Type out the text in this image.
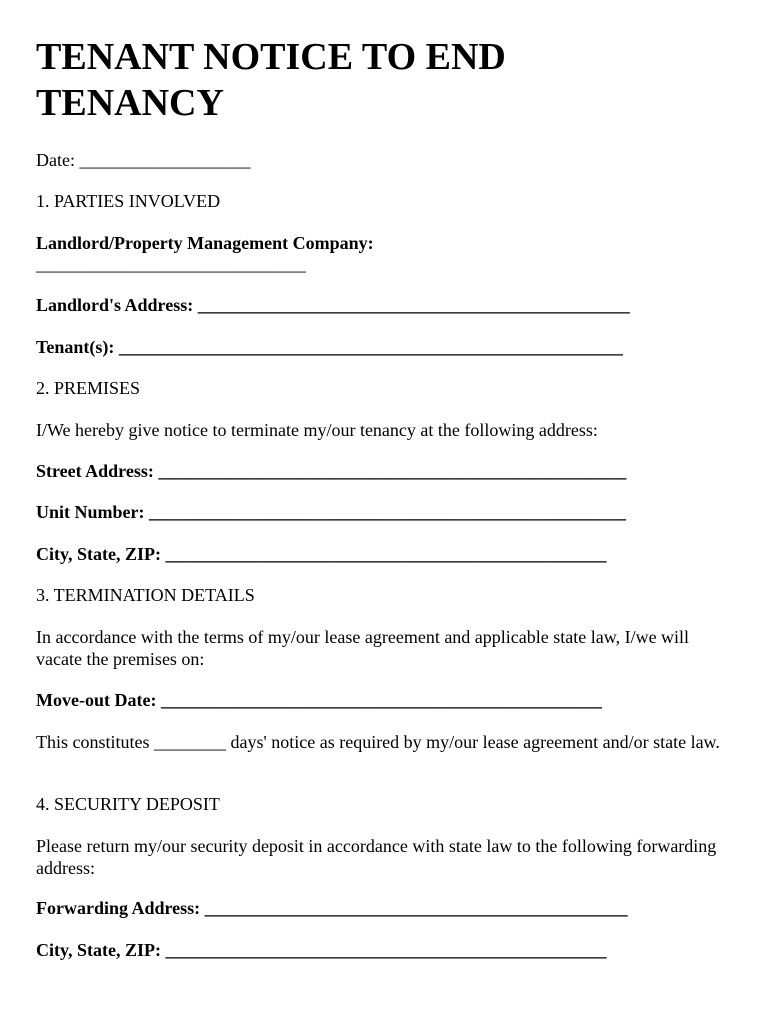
TENANT NOTICE TO END TENANCY
Date: ___________________
1. PARTIES INVOLVED
Landlord/Property Management Company:
______________________________
Landlord's Address: ________________________________________________
Tenant(s): ________________________________________________________
2. PREMISES
I/We hereby give notice to terminate my/our tenancy at the following address:
Street Address: ____________________________________________________
Unit Number: _____________________________________________________
City, State, ZIP: _________________________________________________
3. TERMINATION DETAILS
In accordance with the terms of my/our lease agreement and applicable state law, I/we will vacate the premises on:
Move-out Date: _________________________________________________
This constitutes ________ days' notice as required by my/our lease agreement and/or state law.
4. SECURITY DEPOSIT
Please return my/our security deposit in accordance with state law to the following forwarding address:
Forwarding Address: _______________________________________________
City, State, ZIP: _________________________________________________
